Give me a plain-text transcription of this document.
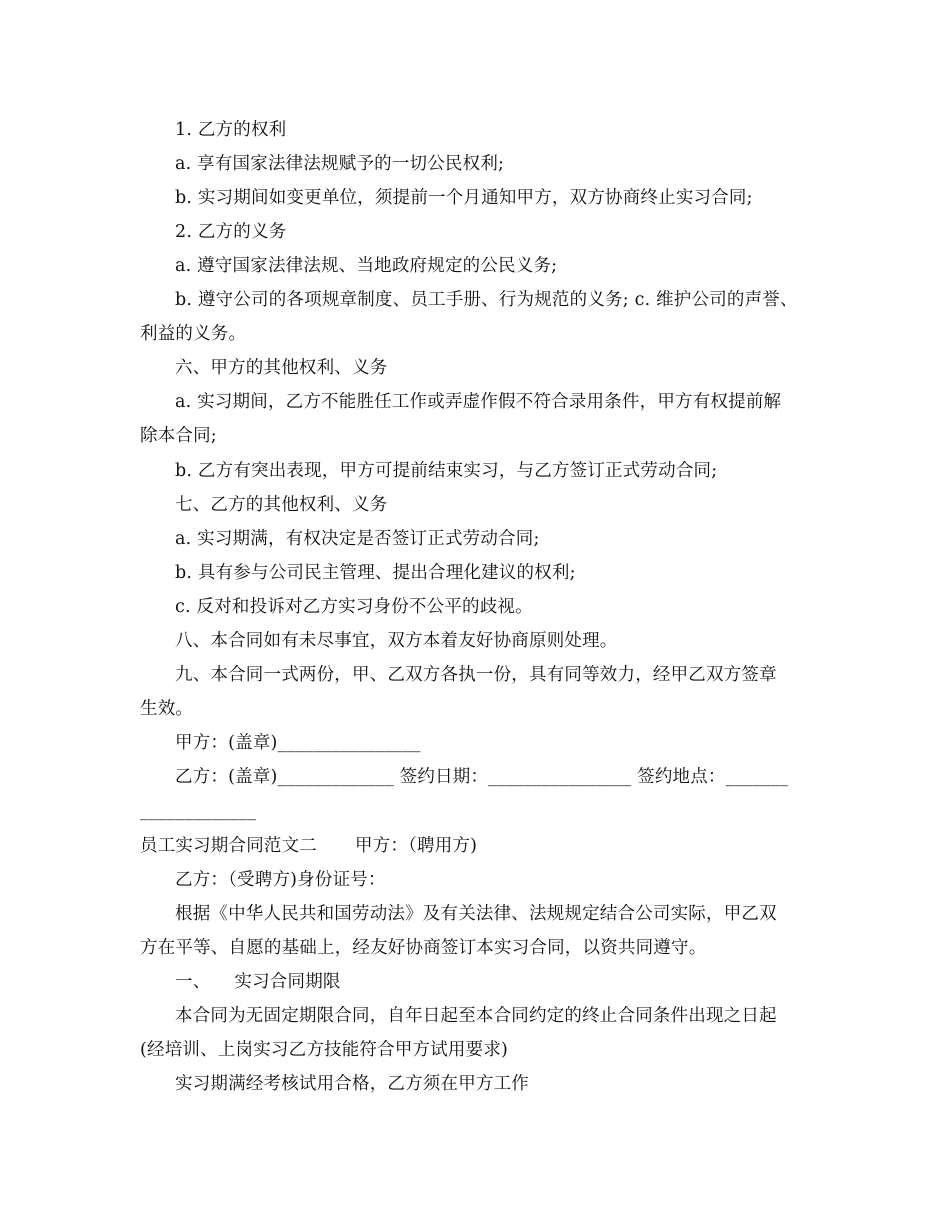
1. 乙方的权利
a. 享有国家法律法规赋予的一切公民权利;
b. 实习期间如变更单位，须提前一个月通知甲方，双方协商终止实习合同;
2. 乙方的义务
a. 遵守国家法律法规、当地政府规定的公民义务;
b. 遵守公司的各项规章制度、员工手册、行为规范的义务; c. 维护公司的声誉、
利益的义务。
六、甲方的其他权利、义务
a. 实习期间，乙方不能胜任工作或弄虚作假不符合录用条件，甲方有权提前解
除本合同;
b. 乙方有突出表现，甲方可提前结束实习，与乙方签订正式劳动合同;
七、乙方的其他权利、义务
a. 实习期满，有权决定是否签订正式劳动合同;
b. 具有参与公司民主管理、提出合理化建议的权利;
c. 反对和投诉对乙方实习身份不公平的歧视。
八、本合同如有未尽事宜，双方本着友好协商原则处理。
九、本合同一式两份，甲、乙双方各执一份，具有同等效力，经甲乙双方签章
生效。
甲方：(盖章)________________
乙方：(盖章)_____________ 签约日期：________________ 签约地点：_______
_____________
员工实习期合同范文二 甲方：（聘用方)
乙方：（受聘方)身份证号：
根据《中华人民共和国劳动法》及有关法律、法规规定结合公司实际，甲乙双
方在平等、自愿的基础上，经友好协商签订本实习合同，以资共同遵守。
一、 实习合同期限
本合同为无固定期限合同，自年日起至本合同约定的终止合同条件出现之日起
(经培训、上岗实习乙方技能符合甲方试用要求)
实习期满经考核试用合格，乙方须在甲方工作
